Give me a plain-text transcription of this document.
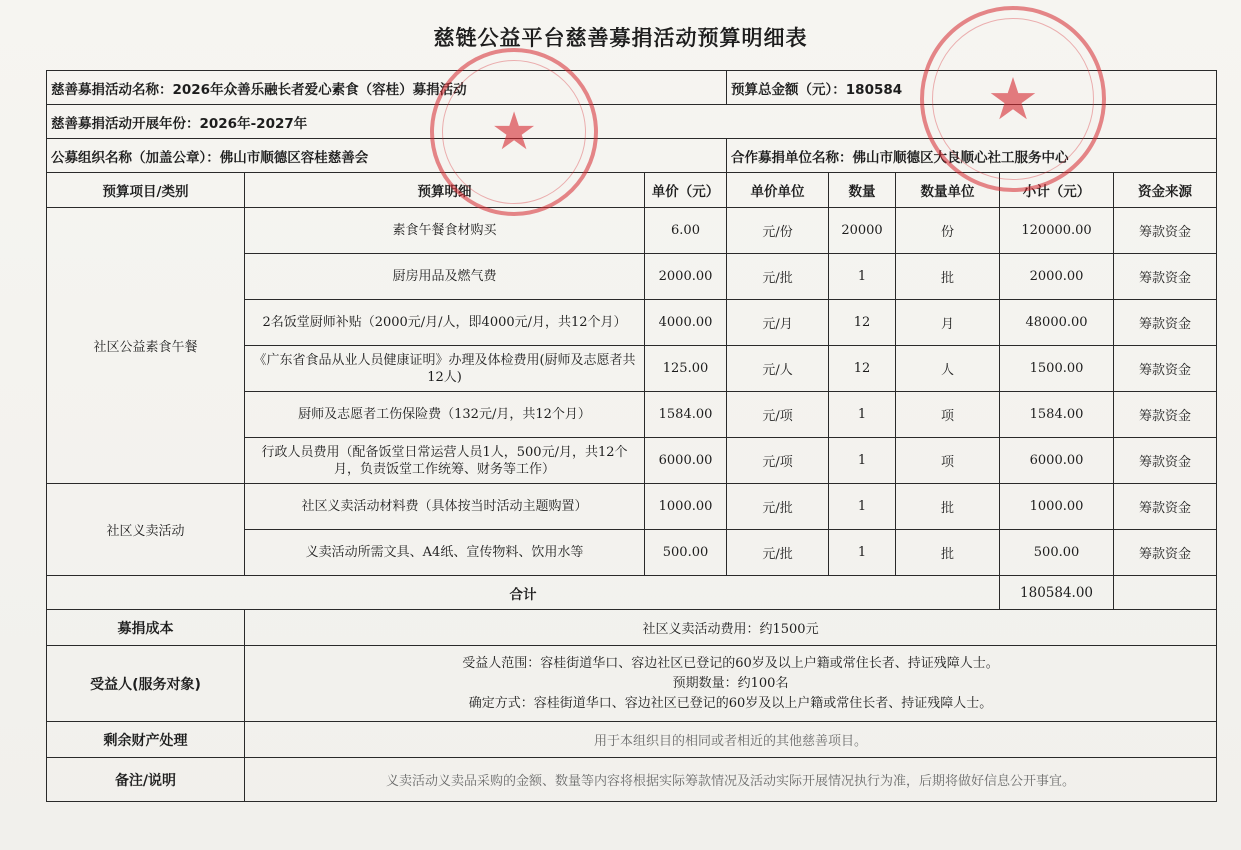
慈链公益平台慈善募捐活动预算明细表
慈善募捐活动名称：2026年众善乐融长者爱心素食（容桂）募捐活动			预算总金额（元）：180584				
慈善募捐活动开展年份：2026年-2027年							
公募组织名称（加盖公章）：佛山市顺德区容桂慈善会			合作募捐单位名称：佛山市顺德区大良顺心社工服务中心				
预算项目/类别	预算明细	单价（元）	单价单位	数量	数量单位	小计（元）	资金来源
社区公益素食午餐	素食午餐食材购买	6.00	元/份	20000	份	120000.00	筹款资金
	厨房用品及燃气费	2000.00	元/批	1	批	2000.00	筹款资金
	2名饭堂厨师补贴（2000元/月/人，即4000元/月，共12个月）	4000.00	元/月	12	月	48000.00	筹款资金
	《广东省食品从业人员健康证明》办理及体检费用(厨师及志愿者共12人)	125.00	元/人	12	人	1500.00	筹款资金
	厨师及志愿者工伤保险费（132元/月，共12个月）	1584.00	元/项	1	项	1584.00	筹款资金
	行政人员费用（配备饭堂日常运营人员1人，500元/月，共12个月，负责饭堂工作统筹、财务等工作）	6000.00	元/项	1	项	6000.00	筹款资金
社区义卖活动	社区义卖活动材料费（具体按当时活动主题购置）	1000.00	元/批	1	批	1000.00	筹款资金
	义卖活动所需文具、A4纸、宣传物料、饮用水等	500.00	元/批	1	批	500.00	筹款资金
合计						180584.00	
募捐成本	社区义卖活动费用：约1500元						
受益人(服务对象)	受益人范围：容桂街道华口、容边社区已登记的60岁及以上户籍或常住长者、持证残障人士。
预期数量：约100名
确定方式：容桂街道华口、容边社区已登记的60岁及以上户籍或常住长者、持证残障人士。						

剩余财产处理	用于本组织目的相同或者相近的其他慈善项目。						
备注/说明	义卖活动义卖品采购的金额、数量等内容将根据实际筹款情况及活动实际开展情况执行为准，后期将做好信息公开事宜。						
★	★
